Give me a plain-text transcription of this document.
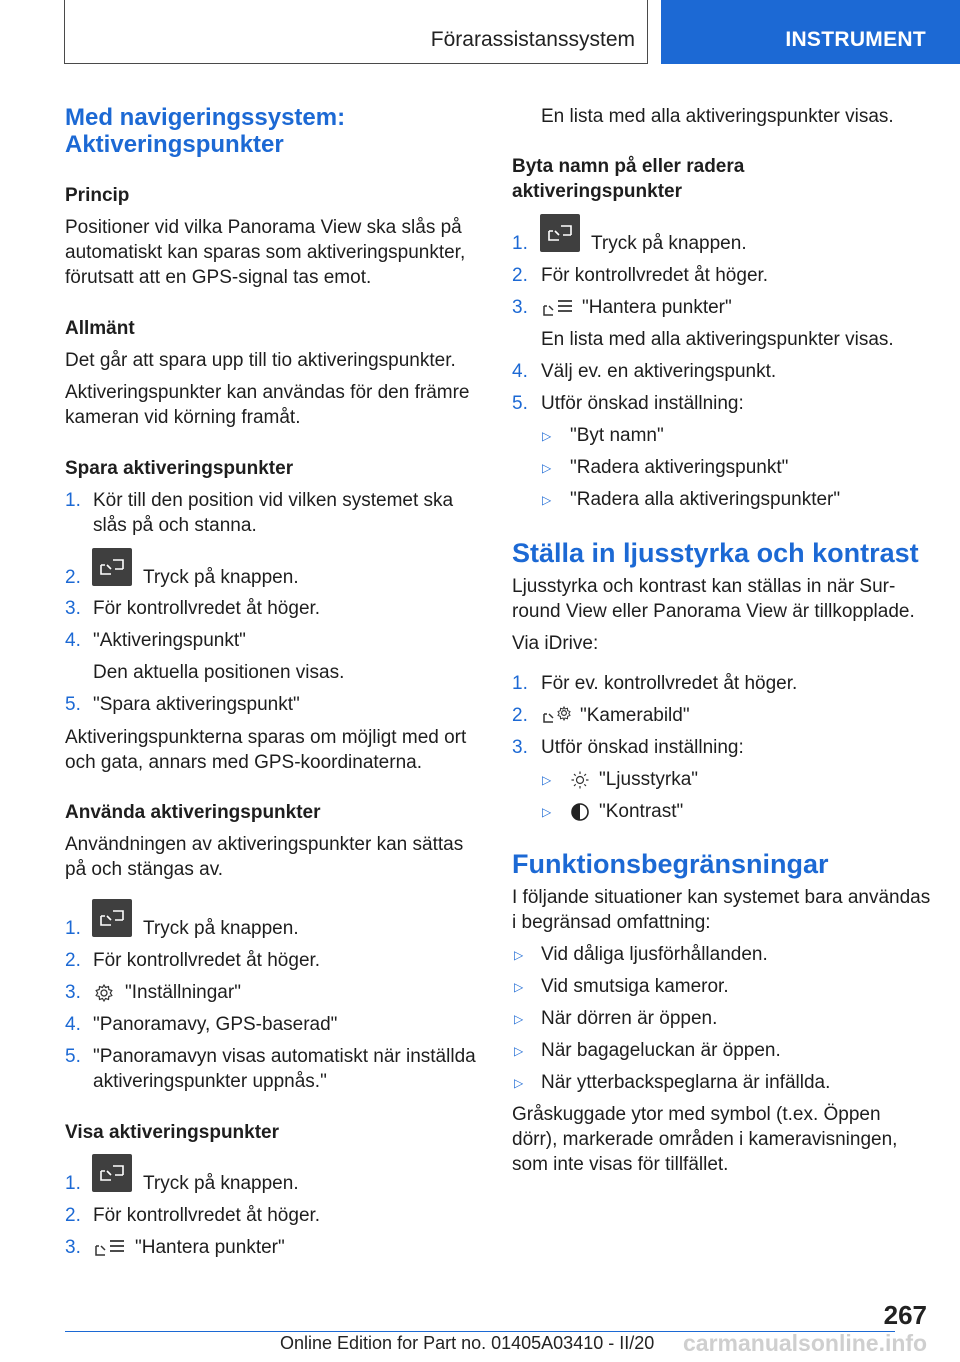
Förarassistanssystem	INSTRUMENT
Med navigeringssystem:
Aktiveringspunkter
Princip
Positioner vid vilka Panorama View ska slås på
automatiskt kan sparas som aktiveringspunkter,
förutsatt att en GPS-signal tas emot.
Allmänt
Det går att spara upp till tio aktiveringspunkter.
Aktiveringspunkter kan användas för den främre
kameran vid körning framåt.
Spara aktiveringspunkter
1. Kör till den position vid vilken systemet ska
slås på och stanna.
2.	Tryck på knappen.
3. För kontrollvredet åt höger.
4. "Aktiveringspunkt"
Den aktuella positionen visas.
5. "Spara aktiveringspunkt"
Aktiveringspunkterna sparas om möjligt med ort
och gata, annars med GPS-koordinaterna.
Använda aktiveringspunkter
Användningen av aktiveringspunkter kan sättas
på och stängas av.
1.	Tryck på knappen.
2. För kontrollvredet åt höger.
3. "Inställningar"
4. "Panoramavy, GPS-baserad"
5. "Panoramavyn visas automatiskt när inställda
aktiveringspunkter uppnås."
Visa aktiveringspunkter
1.	Tryck på knappen.
2. För kontrollvredet åt höger.
3.	"Hantera punkter"
En lista med alla aktiveringspunkter visas.
Byta namn på eller radera
aktiveringspunkter
1.	Tryck på knappen.
2. För kontrollvredet åt höger.
3.	"Hantera punkter"
En lista med alla aktiveringspunkter visas.
4. Välj ev. en aktiveringspunkt.
5. Utför önskad inställning:
▷ "Byt namn"
▷ "Radera aktiveringspunkt"
▷ "Radera alla aktiveringspunkter"
Ställa in ljusstyrka och kontrast
Ljusstyrka och kontrast kan ställas in när Sur‐
round View eller Panorama View är tillkopplade.
Via iDrive:
1. För ev. kontrollvredet åt höger.
2.	"Kamerabild"
3. Utför önskad inställning:
▷	"Ljusstyrka"
▷	"Kontrast"
Funktionsbegränsningar
I följande situationer kan systemet bara användas
i begränsad omfattning:
▷ Vid dåliga ljusförhållanden.
▷ Vid smutsiga kameror.
▷ När dörren är öppen.
▷ När bagageluckan är öppen.
▷ När ytterbackspeglarna är infällda.
Gråskuggade ytor med symbol (t.ex. Öppen
dörr), markerade områden i kameravisningen,
som inte visas för tillfället.
267
Online Edition for Part no. 01405A03410 - II/20 carmanualsonline.info
